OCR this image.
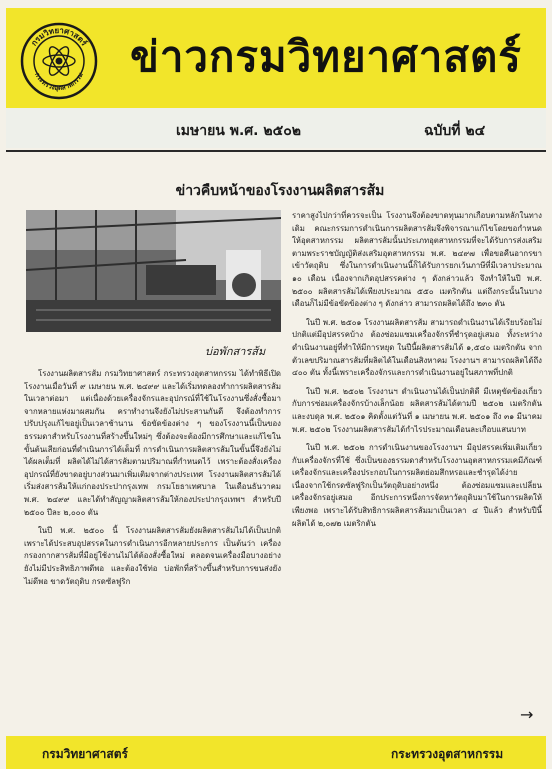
กรมวิทยาศาสตร์
กระทรวงอุตสาหกรรม	ข่าวกรมวิทยาศาสตร์
เมษายน พ.ศ. ๒๕๐๒	ฉบับที่ ๒๔
ข่าวคืบหน้าของโรงงานผลิตสารส้ม
บ่อพักสารส้ม

โรงงานผลิตสารส้ม กรมวิทยาศาสตร์ กระทรวงอุตสาหกรรม ได้ทำพิธีเปิดโรงงานเมื่อวันที่ ๙ เมษายน พ.ศ. ๒๔๙๙ และได้เริ่มทดลองทำการผลิตสารส้มในเวลาต่อมา แต่เนื่องด้วยเครื่องจักรและอุปกรณ์ที่ใช้ในโรงงานซึ่งสั่งซื้อมาจากหลายแห่งมาผสมกัน คราทำงานจึงยังไม่ประสานกันดี จึงต้องทำการปรับปรุงแก้ไขอยู่เป็นเวลาช้านาน ข้อขัดข้องต่าง ๆ ของโรงงานนี้เป็นของธรรมดาสำหรับโรงงานที่สร้างขึ้นใหม่ๆ ซึ่งต้องจะต้องมีการศึกษาและแก้ไขในขั้นต้นเสียก่อนที่ดำเนินการได้เต็มที่ การดำเนินการผลิตสารส้มในขั้นนี้จึงยังไม่ได้ผลเต็มที่ ผลิตได้ไม่ได้สารส้มตามปริมาณที่กำหนดไว้ เพราะต้องสั่งเครื่องอุปกรณ์ที่ยังขาดอยู่บางส่วนมาเพิ่มเติมจากต่างประเทศ โรงงานผลิตสารส้มได้เริ่มส่งสารส้มให้แก่กองประปากรุงเทพ กรมโยธาเทศบาล ในเดือนธันวาคม พ.ศ. ๒๔๙๙ และได้ทำสัญญาผลิตสารส้มให้กองประปากรุงเทพฯ สำหรับปี ๒๕๐๐ ปีละ ๒,๐๐๐ ตัน

ในปี พ.ศ. ๒๕๐๐ นี้ โรงงานผลิตสารส้มยังผลิตสารส้มไม่ได้เป็นปกติ เพราะได้ประสบอุปสรรคในการดำเนินการอีกหลายประการ เป็นต้นว่า เครื่องกรองกากสารส้มที่มีอยู่ใช้งานไม่ได้ต้องสั่งซื้อใหม่ ตลอดจนเครื่องมือบางอย่างยังไม่มีประสิทธิภาพดีพอ และต้องใช้ท่อ บ่อพักที่สร้างขึ้นสำหรับการขนส่งยังไม่ดีพอ ขาดวัตถุดิบ กรดซัลฟูริก

ราคาสูงไปกว่าที่ควรจะเป็น โรงงานจึงต้องขาดทุนมากเกือบตามหลักในทางเดิม คณะกรรมการดำเนินการผลิตสารส้มจึงพิจารณาแก้ไขโดยขอกำหนดให้อุตสาหกรรม ผลิตสารส้มนั้นประเภทอุตสาหกรรมที่จะได้รับการส่งเสริมตามพระราชบัญญัติส่งเสริมอุตสาหกรรม พ.ศ. ๒๔๙๗ เพื่อขอคืนอากรขาเข้าวัตถุดิบ ซึ่งในการดำเนินงานนี้ก็ได้รับการยกเว้นภาษีที่มีเวลาประมาณ ๑๐ เดือน เนื่องจากเกิดอุปสรรคต่าง ๆ ดังกล่าวแล้ว จึงทำให้ในปี พ.ศ. ๒๕๐๐ ผลิตสารส้มได้เพียงประมาณ ๕๕๐ เมตริกตัน แต่ถึงกระนั้นในบางเดือนก็ไม่มีข้อขัดข้องต่าง ๆ ดังกล่าว สามารถผลิตได้ถึง ๒๓๐ ตัน

ในปี พ.ศ. ๒๕๐๑ โรงงานผลิตสารส้ม สามารถดำเนินงานได้เรียบร้อยไม่ปกติแต่มีอุปสรรคบ้าง ต้องซ่อมแซมเครื่องจักรที่ชำรุดอยู่เสมอ ทั้งระหว่างดำเนินงานอยู่ที่ทำให้มีการหยุด ในปีนี้ผลิตสารส้มได้ ๑,๕๔๐ เมตริกตัน จากตัวเลขปริมาณสารส้มที่ผลิตได้ในเดือนสิงหาคม โรงงานฯ สามารถผลิตได้ถึง ๔๐๐ ตัน ทั้งนี้เพราะเครื่องจักรและการดำเนินงานอยู่ในสภาพที่ปกติ

ในปี พ.ศ. ๒๕๐๒ โรงงานฯ ดำเนินงานได้เป็นปกติดี มีเหตุขัดข้องเกี่ยวกับการซ่อมเครื่องจักรบ้างเล็กน้อย ผลิตสารส้มได้ตามปี ๒๕๐๒ เมตริกตัน และงบดุล พ.ศ. ๒๕๐๑ คิดตั้งแต่วันที่ ๑ เมษายน พ.ศ. ๒๕๐๑ ถึง ๓๑ มีนาคม พ.ศ. ๒๕๐๒ โรงงานผลิตสารส้มได้กำไรประมาณเดือนละเกือบแสนบาท

ในปี พ.ศ. ๒๕๐๒ การดำเนินงานของโรงงานฯ มีอุปสรรคเพิ่มเติมเกี่ยวกับเครื่องจักรที่ใช้ ซึ่งเป็นของธรรมดาสำหรับโรงงานอุตสาหกรรมเคมีภัณฑ์ เครื่องจักรและเครื่องประกอบในการผลิตย่อมสึกหรอและชำรุดได้ง่ายเนื่องจากใช้กรดซัลฟูริกเป็นวัตถุดิบอย่างหนึ่ง ต้องซ่อมแซมและเปลี่ยนเครื่องจักรอยู่เสมอ อีกประการหนึ่งการจัดหาวัตถุดิบมาใช้ในการผลิตให้เพียงพอ เพราะได้รับสิทธิการผลิตสารส้มมาเป็นเวลา ๔ ปีแล้ว สำหรับปีนี้ผลิตได้ ๒,๐๗๒ เมตริกตัน

→
กรมวิทยาศาสตร์	กระทรวงอุตสาหกรรม
